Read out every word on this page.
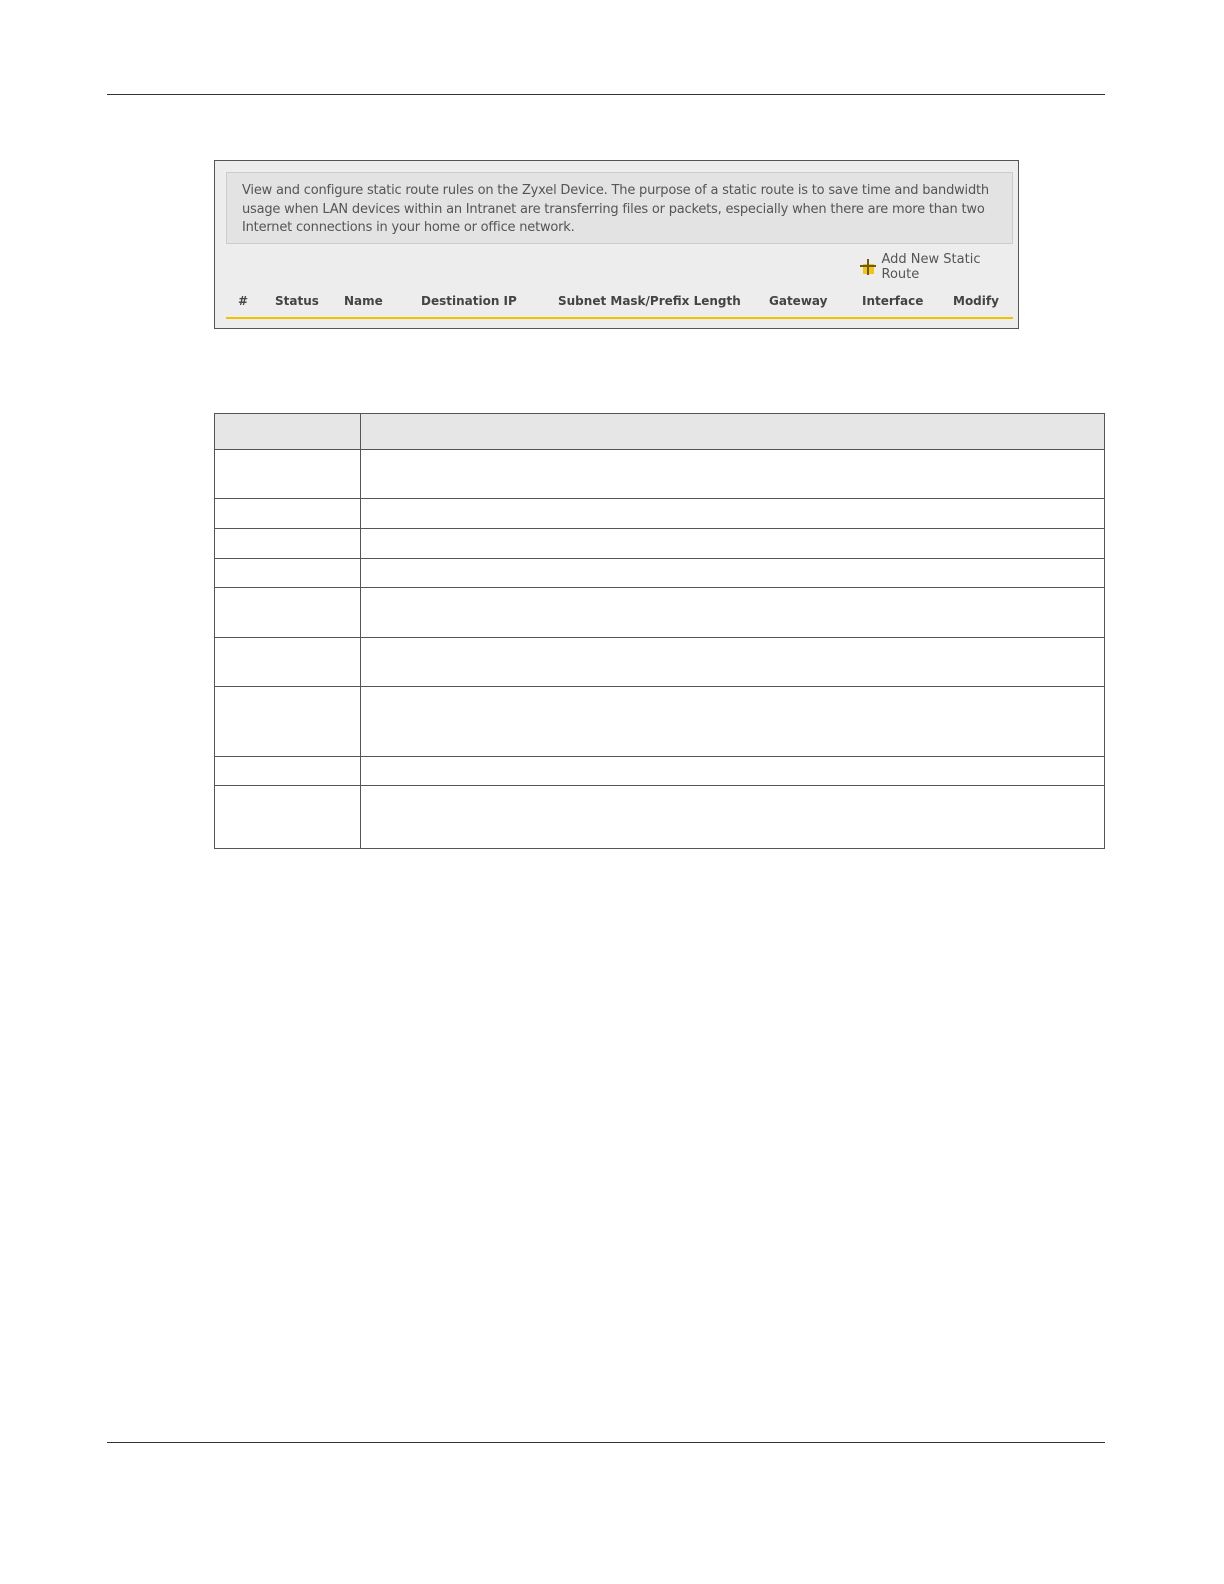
View and configure static route rules on the Zyxel Device. The purpose of a static route is to save time and bandwidth usage when LAN devices within an Intranet are transferring files or packets, especially when there are more than two Internet connections in your home or office network.
Add New Static Route
# Status Name	Destination IP	Subnet Mask/Prefix Length Gateway	Interface Modify
